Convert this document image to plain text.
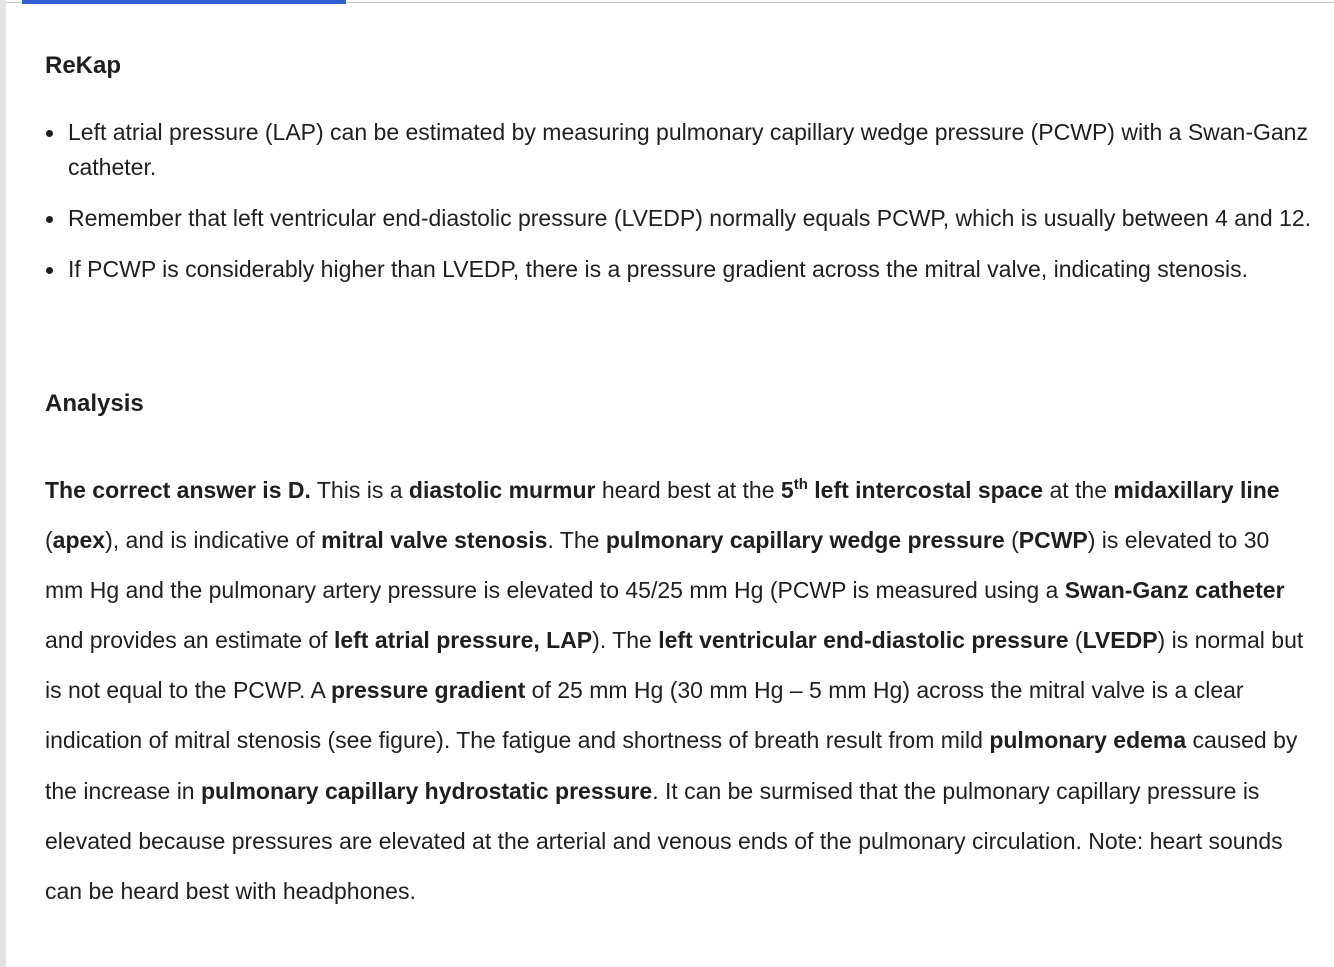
ReKap
Left atrial pressure (LAP) can be estimated by measuring pulmonary capillary wedge pressure (PCWP) with a Swan-Ganz catheter.
Remember that left ventricular end-diastolic pressure (LVEDP) normally equals PCWP, which is usually between 4 and 12.
If PCWP is considerably higher than LVEDP, there is a pressure gradient across the mitral valve, indicating stenosis.
Analysis

The correct answer is D. This is a diastolic murmur heard best at the 5th left intercostal space at the midaxillary line (apex), and is indicative of mitral valve stenosis. The pulmonary capillary wedge pressure (PCWP) is elevated to 30 mm Hg and the pulmonary artery pressure is elevated to 45/25 mm Hg (PCWP is measured using a Swan-Ganz catheter and provides an estimate of left atrial pressure, LAP). The left ventricular end-diastolic pressure (LVEDP) is normal but is not equal to the PCWP. A pressure gradient of 25 mm Hg (30 mm Hg – 5 mm Hg) across the mitral valve is a clear indication of mitral stenosis (see figure). The fatigue and shortness of breath result from mild pulmonary edema caused by the increase in pulmonary capillary hydrostatic pressure. It can be surmised that the pulmonary capillary pressure is elevated because pressures are elevated at the arterial and venous ends of the pulmonary circulation. Note: heart sounds can be heard best with headphones.
